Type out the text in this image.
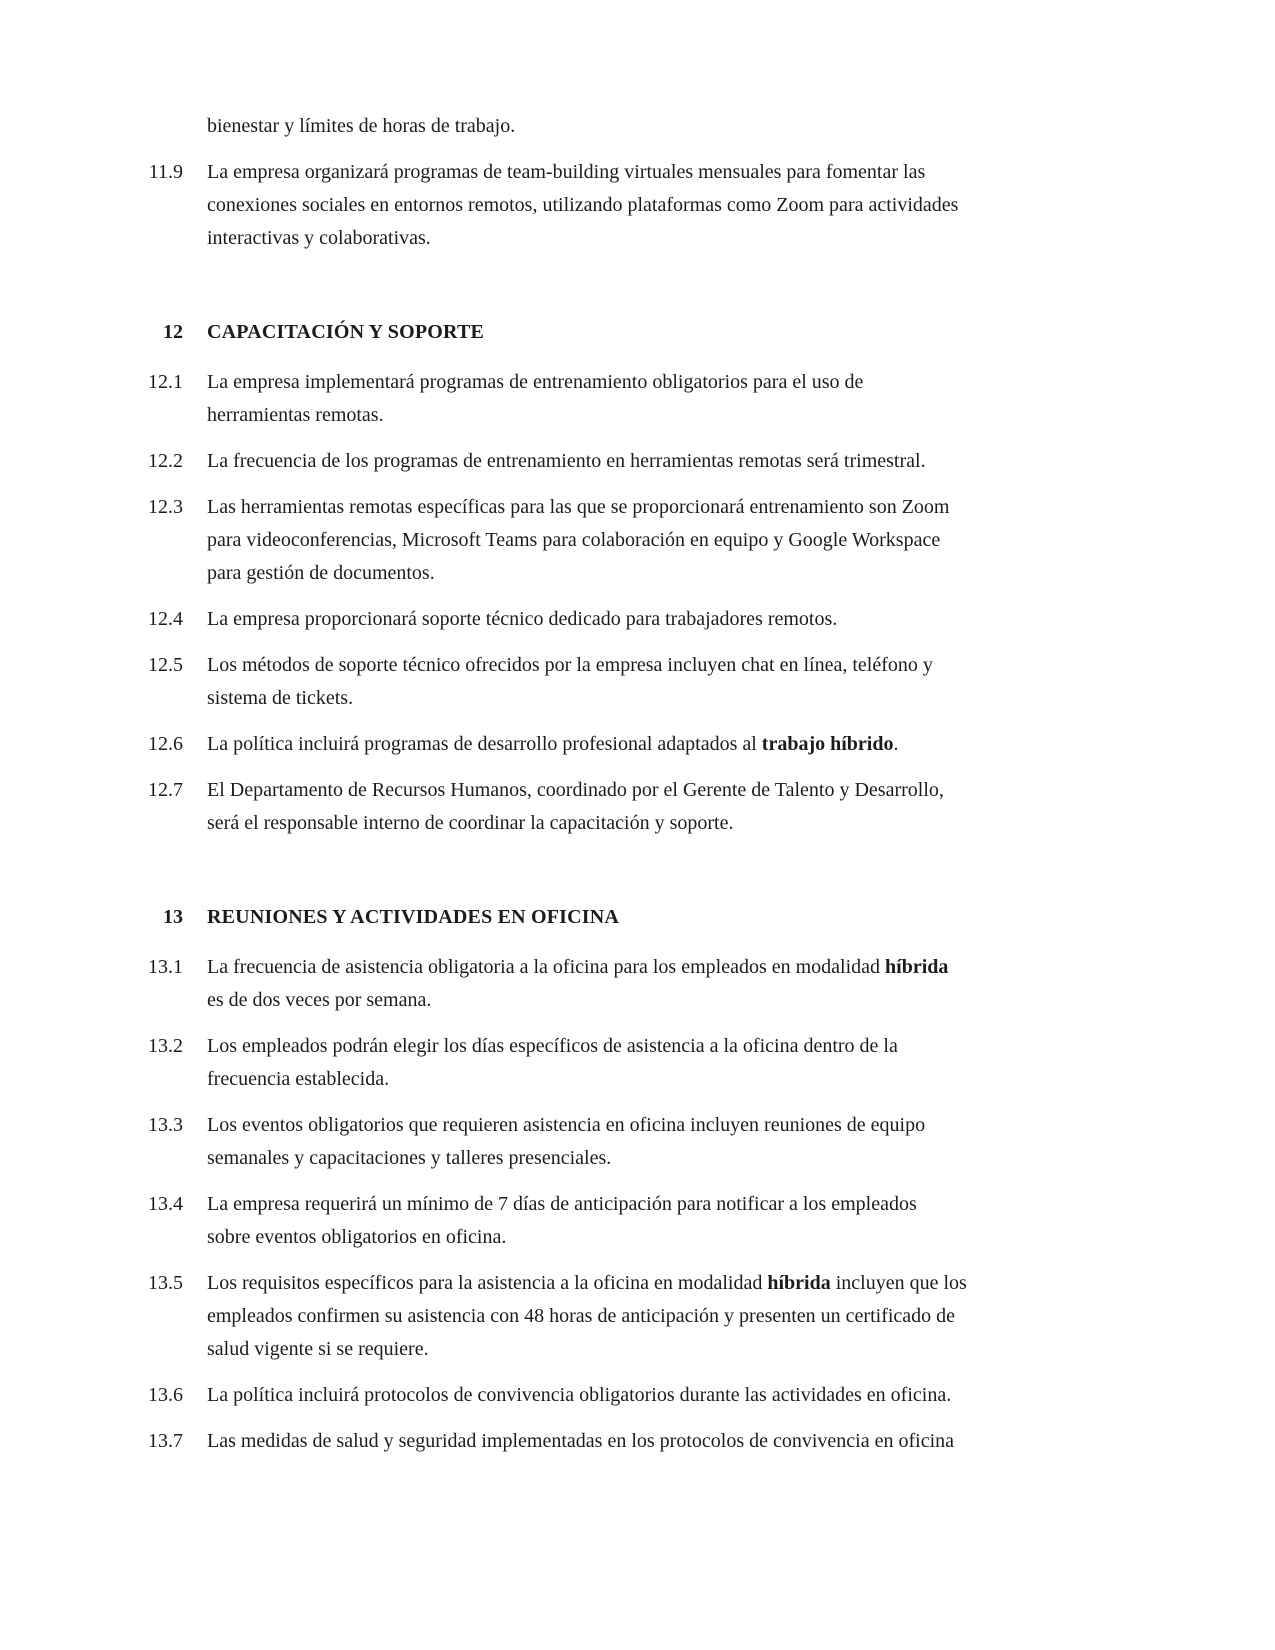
bienestar y límites de horas de trabajo.
11.9 La empresa organizará programas de team-building virtuales mensuales para fomentar las
conexiones sociales en entornos remotos, utilizando plataformas como Zoom para actividades
interactivas y colaborativas.
12 CAPACITACIÓN Y SOPORTE
12.1 La empresa implementará programas de entrenamiento obligatorios para el uso de
herramientas remotas.
12.2 La frecuencia de los programas de entrenamiento en herramientas remotas será trimestral.
12.3 Las herramientas remotas específicas para las que se proporcionará entrenamiento son Zoom
para videoconferencias, Microsoft Teams para colaboración en equipo y Google Workspace
para gestión de documentos.
12.4 La empresa proporcionará soporte técnico dedicado para trabajadores remotos.
12.5 Los métodos de soporte técnico ofrecidos por la empresa incluyen chat en línea, teléfono y
sistema de tickets.
12.6 La política incluirá programas de desarrollo profesional adaptados al trabajo híbrido.
12.7 El Departamento de Recursos Humanos, coordinado por el Gerente de Talento y Desarrollo,
será el responsable interno de coordinar la capacitación y soporte.
13 REUNIONES Y ACTIVIDADES EN OFICINA
13.1 La frecuencia de asistencia obligatoria a la oficina para los empleados en modalidad híbrida
es de dos veces por semana.
13.2 Los empleados podrán elegir los días específicos de asistencia a la oficina dentro de la
frecuencia establecida.
13.3 Los eventos obligatorios que requieren asistencia en oficina incluyen reuniones de equipo
semanales y capacitaciones y talleres presenciales.
13.4 La empresa requerirá un mínimo de 7 días de anticipación para notificar a los empleados
sobre eventos obligatorios en oficina.
13.5 Los requisitos específicos para la asistencia a la oficina en modalidad híbrida incluyen que los
empleados confirmen su asistencia con 48 horas de anticipación y presenten un certificado de
salud vigente si se requiere.
13.6 La política incluirá protocolos de convivencia obligatorios durante las actividades en oficina.
13.7 Las medidas de salud y seguridad implementadas en los protocolos de convivencia en oficina
